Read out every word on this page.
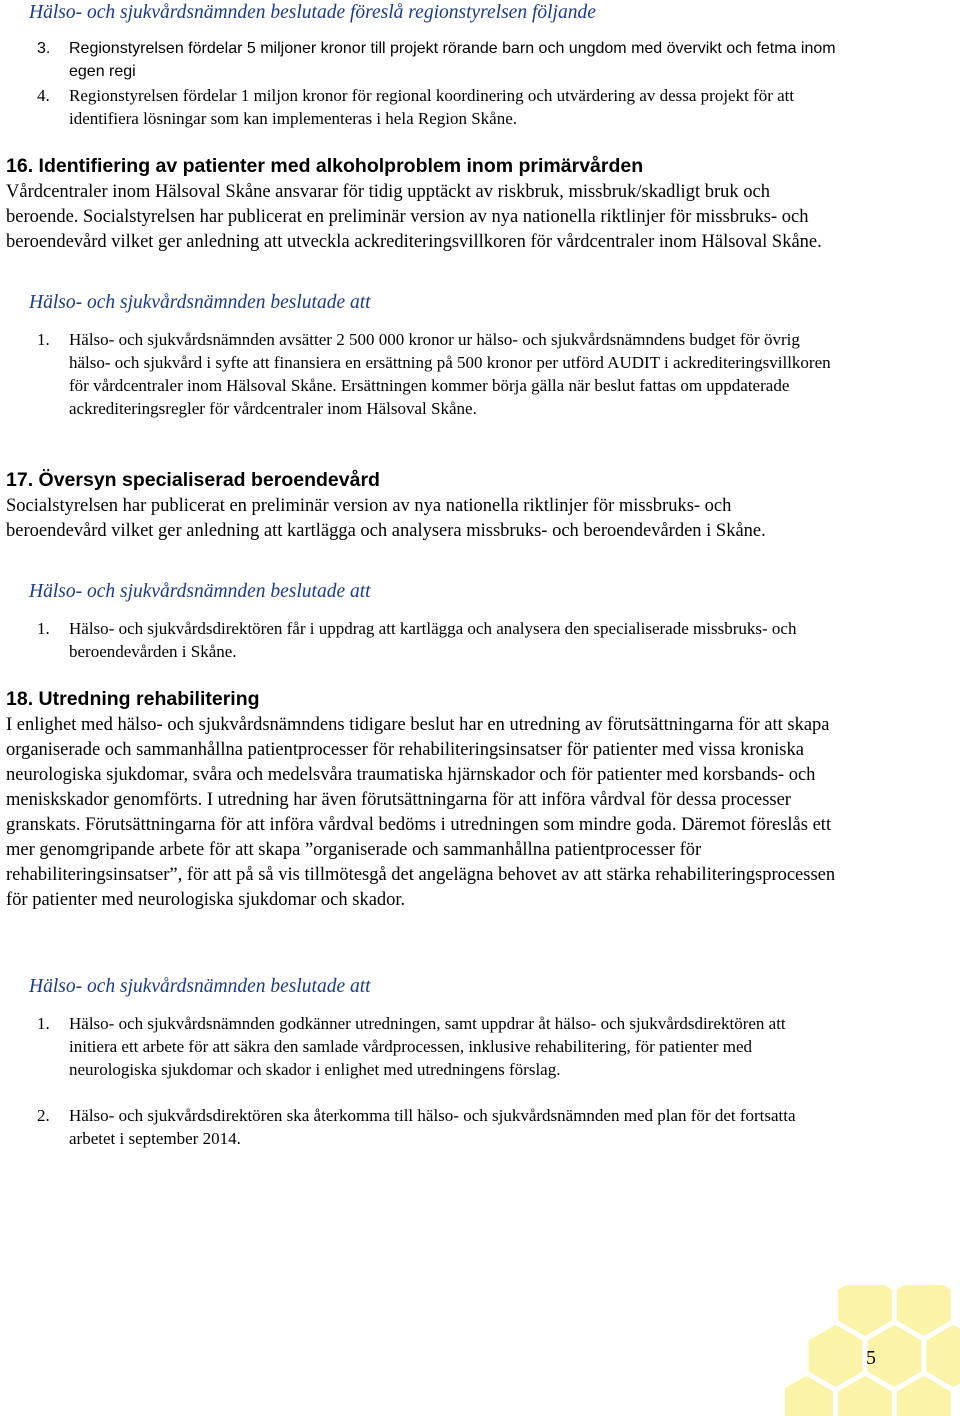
Hälso- och sjukvårdsnämnden beslutade föreslå regionstyrelsen följande
3. Regionstyrelsen fördelar 5 miljoner kronor till projekt rörande barn och ungdom med övervikt och fetma inom egen regi
4. Regionstyrelsen fördelar 1 miljon kronor för regional koordinering och utvärdering av dessa projekt för att identifiera lösningar som kan implementeras i hela Region Skåne.
16. Identifiering av patienter med alkoholproblem inom primärvården
Vårdcentraler inom Hälsoval Skåne ansvarar för tidig upptäckt av riskbruk, missbruk/skadligt bruk och beroende. Socialstyrelsen har publicerat en preliminär version av nya nationella riktlinjer för missbruks- och beroendevård vilket ger anledning att utveckla ackrediteringsvillkoren för vårdcentraler inom Hälsoval Skåne.
Hälso- och sjukvårdsnämnden beslutade att
1. Hälso- och sjukvårdsnämnden avsätter 2 500 000 kronor ur hälso- och sjukvårdsnämndens budget för övrig hälso- och sjukvård i syfte att finansiera en ersättning på 500 kronor per utförd AUDIT i ackrediteringsvillkoren för vårdcentraler inom Hälsoval Skåne. Ersättningen kommer börja gälla när beslut fattas om uppdaterade ackrediteringsregler för vårdcentraler inom Hälsoval Skåne.
17. Översyn specialiserad beroendevård
Socialstyrelsen har publicerat en preliminär version av nya nationella riktlinjer för missbruks- och beroendevård vilket ger anledning att kartlägga och analysera missbruks- och beroendevården i Skåne.
Hälso- och sjukvårdsnämnden beslutade att
1. Hälso- och sjukvårdsdirektören får i uppdrag att kartlägga och analysera den specialiserade missbruks- och beroendevården i Skåne.
18. Utredning rehabilitering
I enlighet med hälso- och sjukvårdsnämndens tidigare beslut har en utredning av förutsättningarna för att skapa organiserade och sammanhållna patientprocesser för rehabiliteringsinsatser för patienter med vissa kroniska neurologiska sjukdomar, svåra och medelsvåra traumatiska hjärnskador och för patienter med korsbands- och meniskskador genomförts. I utredning har även förutsättningarna för att införa vårdval för dessa processer granskats. Förutsättningarna för att införa vårdval bedöms i utredningen som mindre goda. Däremot föreslås ett mer genomgripande arbete för att skapa ”organiserade och sammanhållna patientprocesser för rehabiliteringsinsatser”, för att på så vis tillmötesgå det angelägna behovet av att stärka rehabiliteringsprocessen för patienter med neurologiska sjukdomar och skador.
Hälso- och sjukvårdsnämnden beslutade att
1. Hälso- och sjukvårdsnämnden godkänner utredningen, samt uppdrar åt hälso- och sjukvårdsdirektören att initiera ett arbete för att säkra den samlade vårdprocessen, inklusive rehabilitering, för patienter med neurologiska sjukdomar och skador i enlighet med utredningens förslag.
2. Hälso- och sjukvårdsdirektören ska återkomma till hälso- och sjukvårdsnämnden med plan för det fortsatta arbetet i september 2014.
5
